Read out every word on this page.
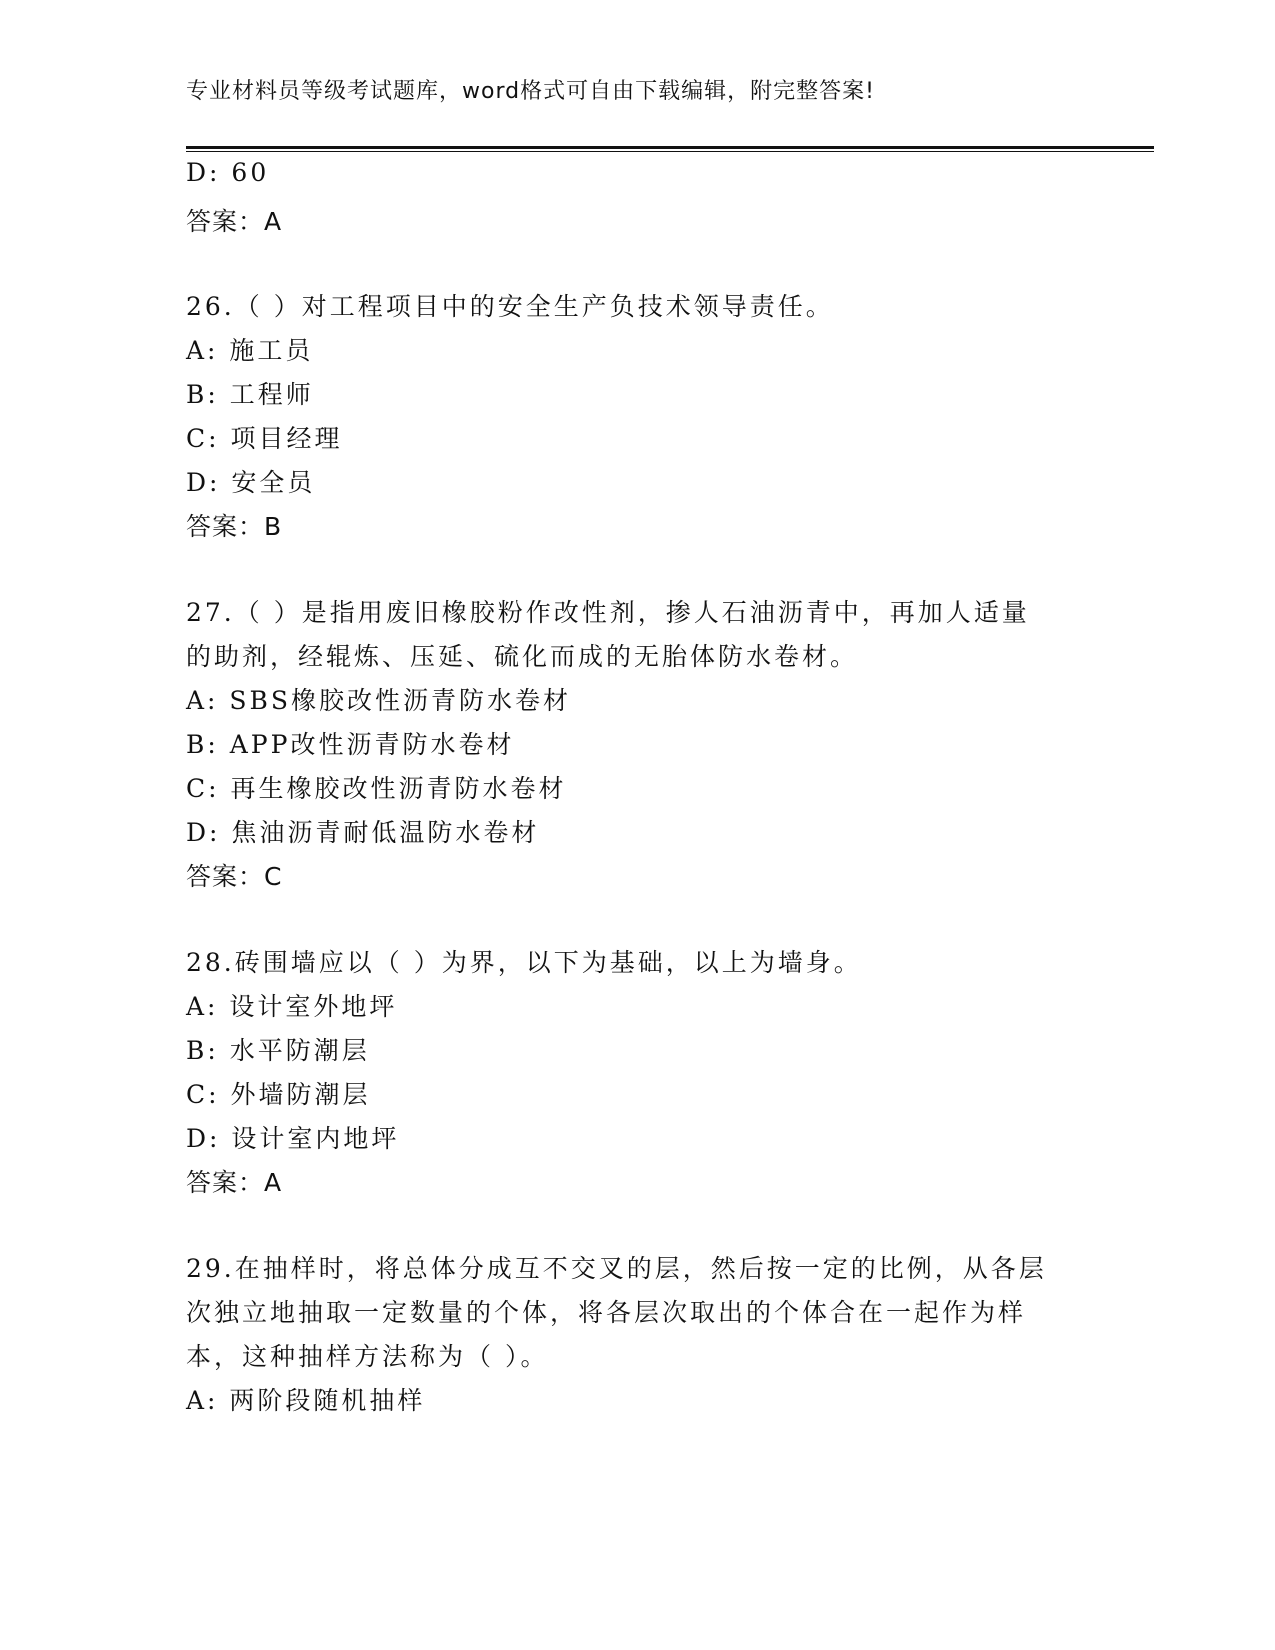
专业材料员等级考试题库，word格式可自由下载编辑，附完整答案!
D: 60
答案：A
26.（ ）对工程项目中的安全生产负技术领导责任。
A: 施工员
B: 工程师
C: 项目经理
D: 安全员
答案：B
27.（ ）是指用废旧橡胶粉作改性剂，掺人石油沥青中，再加人适量
的助剂，经辊炼、压延、硫化而成的无胎体防水卷材。
A: SBS橡胶改性沥青防水卷材
B: APP改性沥青防水卷材
C: 再生橡胶改性沥青防水卷材
D: 焦油沥青耐低温防水卷材
答案：C
28.砖围墙应以（ ）为界，以下为基础，以上为墙身。
A: 设计室外地坪
B: 水平防潮层
C: 外墙防潮层
D: 设计室内地坪
答案：A
29.在抽样时，将总体分成互不交叉的层，然后按一定的比例，从各层
次独立地抽取一定数量的个体，将各层次取出的个体合在一起作为样
本，这种抽样方法称为（ ）。
A: 两阶段随机抽样
